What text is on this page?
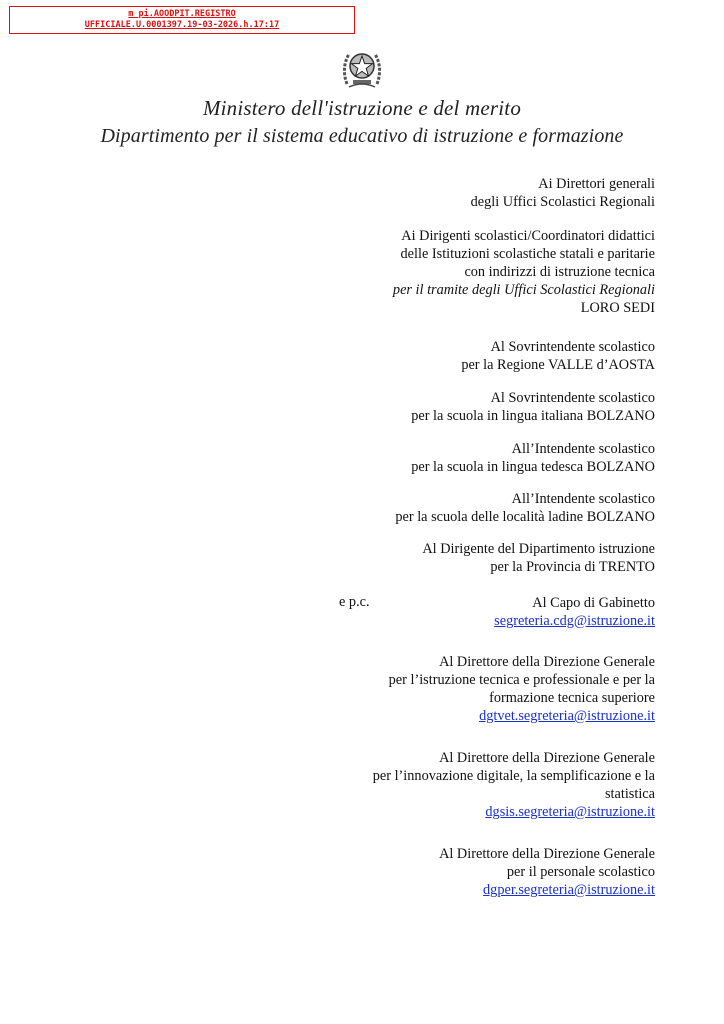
m_pi.AOODPIT.REGISTRO
UFFICIALE.U.0001397.19-03-2026.h.17:17
Ministero dell'istruzione e del merito
Dipartimento per il sistema educativo di istruzione e formazione
Ai Direttori generali
degli Uffici Scolastici Regionali
Ai Dirigenti scolastici/Coordinatori didattici
delle Istituzioni scolastiche statali e paritarie
con indirizzi di istruzione tecnica
per il tramite degli Uffici Scolastici Regionali
LORO SEDI
Al Sovrintendente scolastico
per la Regione VALLE d’AOSTA
Al Sovrintendente scolastico
per la scuola in lingua italiana BOLZANO
All’Intendente scolastico
per la scuola in lingua tedesca BOLZANO
All’Intendente scolastico
per la scuola delle località ladine BOLZANO
Al Dirigente del Dipartimento istruzione
per la Provincia di TRENTO
e p.c.	Al Capo di Gabinetto
segreteria.cdg@istruzione.it
Al Direttore della Direzione Generale
per l’istruzione tecnica e professionale e per la
formazione tecnica superiore
dgtvet.segreteria@istruzione.it
Al Direttore della Direzione Generale
per l’innovazione digitale, la semplificazione e la
statistica
dgsis.segreteria@istruzione.it
Al Direttore della Direzione Generale
per il personale scolastico
dgper.segreteria@istruzione.it
